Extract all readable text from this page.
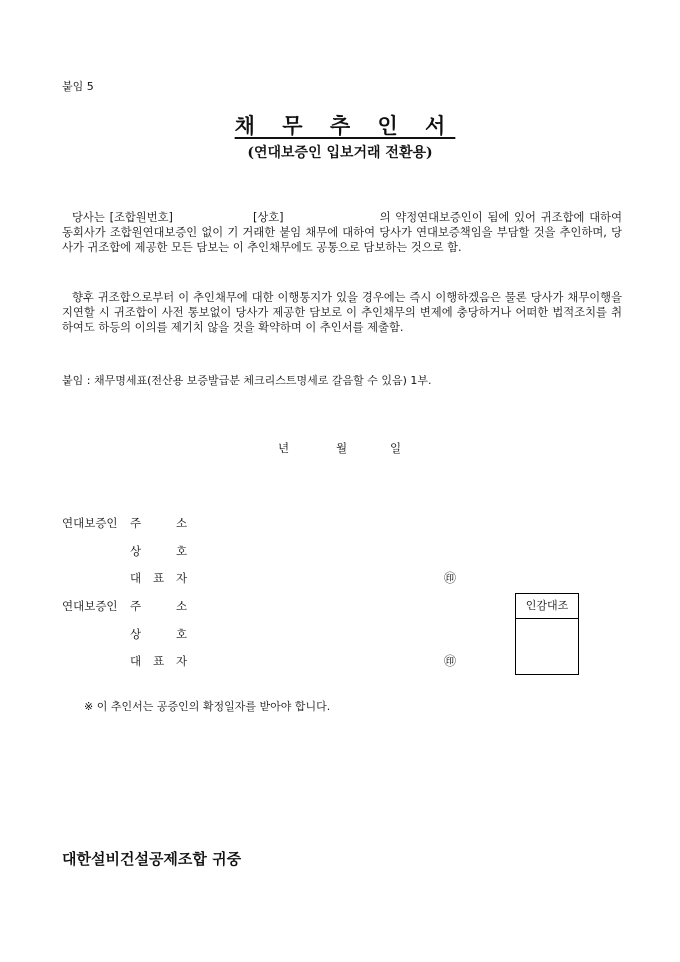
붙임 5
채 무 추 인 서
(연대보증인 입보거래 전환용)
당사는 [조합원번호]	[상호]	의 약정연대보증인이 됨에 있어 귀조합에 대하여 동회사가 조합원연대보증인 없이 기 거래한 붙임 채무에 대하여 당사가 연대보증책임을 부담할 것을 추인하며, 당사가 귀조합에 제공한 모든 담보는 이 추인채무에도 공통으로 담보하는 것으로 함.
향후 귀조합으로부터 이 추인채무에 대한 이행통지가 있을 경우에는 즉시 이행하겠음은 물론 당사가 채무이행을 지연할 시 귀조합이 사전 통보없이 당사가 제공한 담보로 이 추인채무의 변제에 충당하거나 어떠한 법적조치를 취하여도 하등의 이의를 제기치 않을 것을 확약하며 이 추인서를 제출함.
붙임 : 채무명세표(전산용 보증발급분 체크리스트명세로 갈음할 수 있음) 1부.
년	월	일
연대보증인 주	소
상	호
대 표 자	㊞
연대보증인 주	소
상	호
대 표 자	㊞
인감대조
※ 이 추인서는 공증인의 확정일자를 받아야 합니다.
대한설비건설공제조합 귀중
